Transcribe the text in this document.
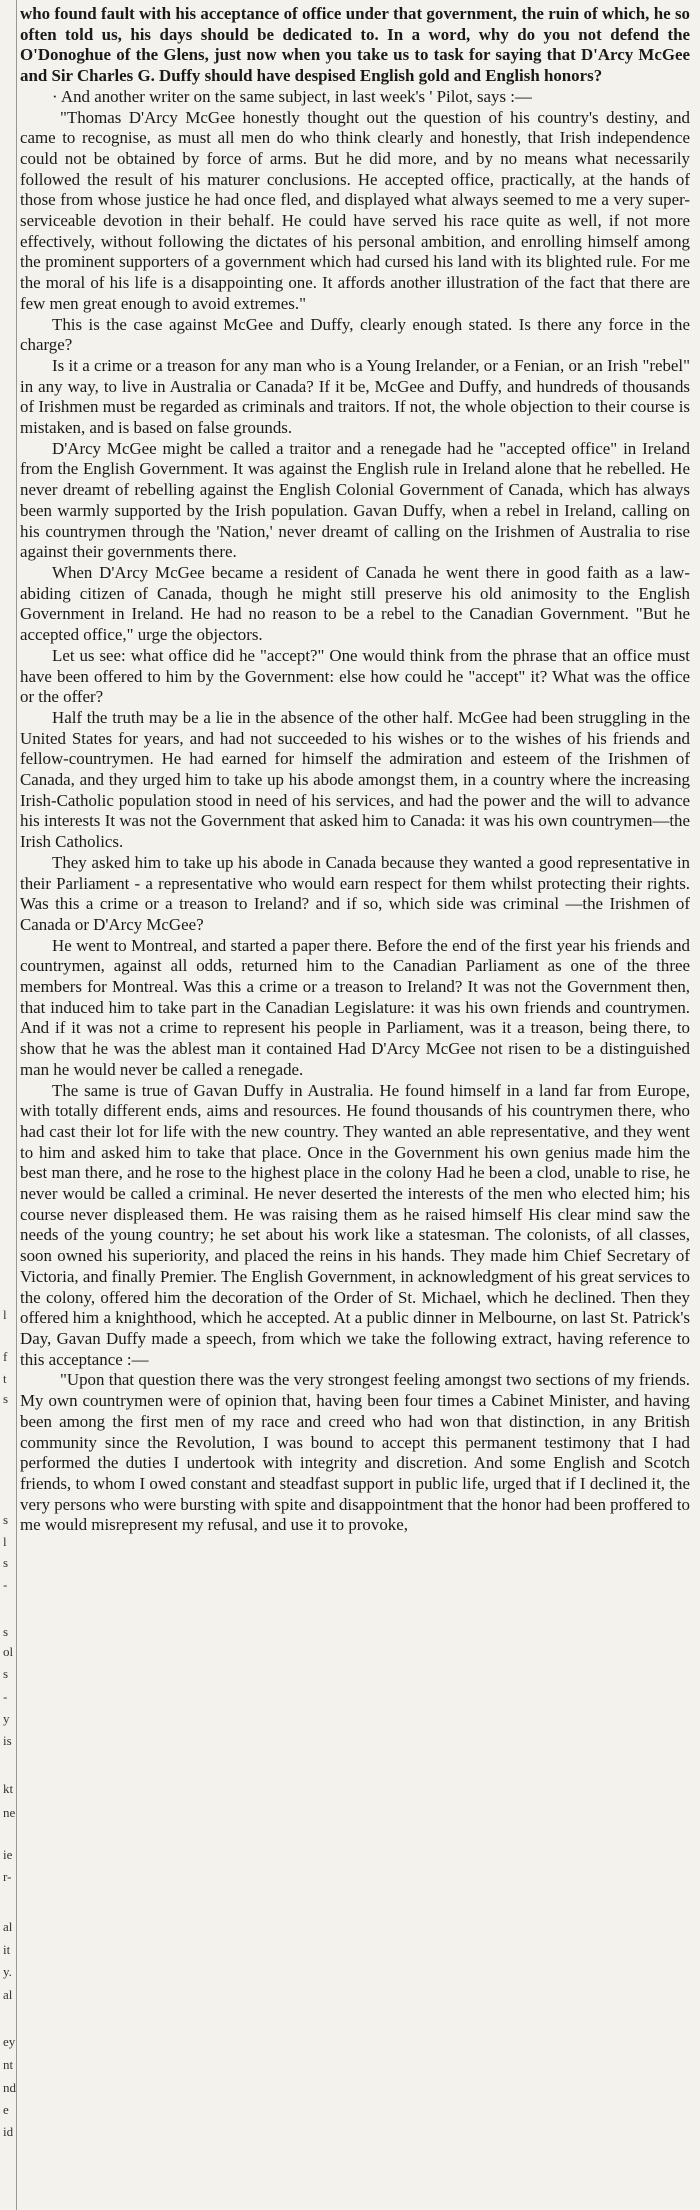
l
f
t
s
s
l
s
-
s
ol
s
-
y
is
kt
ne
ie
r-
al
it
y.
al
ey
nt
nd
e
id

who found fault with his acceptance of office under that government, the ruin of which, he so often told us, his days should be dedicated to. In a word, why do you not defend the O'Donoghue of the Glens, just now when you take us to task for saying that D'Arcy McGee and Sir Charles G. Duffy should have despised English gold and English honors?

· And another writer on the same subject, in last week's ' Pilot, says :—

"Thomas D'Arcy McGee honestly thought out the question of his country's destiny, and came to recognise, as must all men do who think clearly and honestly, that Irish independence could not be obtained by force of arms. But he did more, and by no means what necessarily followed the result of his maturer conclusions. He accepted office, practically, at the hands of those from whose justice he had once fled, and displayed what always seemed to me a very super-serviceable devotion in their behalf. He could have served his race quite as well, if not more effectively, without following the dictates of his personal ambition, and enrolling himself among the prominent supporters of a government which had cursed his land with its blighted rule. For me the moral of his life is a disappointing one. It affords another illustration of the fact that there are few men great enough to avoid extremes."

This is the case against McGee and Duffy, clearly enough stated. Is there any force in the charge?

Is it a crime or a treason for any man who is a Young Irelander, or a Fenian, or an Irish "rebel" in any way, to live in Australia or Canada? If it be, McGee and Duffy, and hundreds of thousands of Irishmen must be regarded as criminals and traitors. If not, the whole objection to their course is mistaken, and is based on false grounds.

D'Arcy McGee might be called a traitor and a renegade had he "accepted office" in Ireland from the English Government. It was against the English rule in Ireland alone that he rebelled. He never dreamt of rebelling against the English Colonial Government of Canada, which has always been warmly supported by the Irish population. Gavan Duffy, when a rebel in Ireland, calling on his countrymen through the 'Nation,' never dreamt of calling on the Irishmen of Australia to rise against their governments there.

When D'Arcy McGee became a resident of Canada he went there in good faith as a law-abiding citizen of Canada, though he might still preserve his old animosity to the English Government in Ireland. He had no reason to be a rebel to the Canadian Government. "But he accepted office," urge the objectors.

Let us see: what office did he "accept?" One would think from the phrase that an office must have been offered to him by the Government: else how could he "accept" it? What was the office or the offer?

Half the truth may be a lie in the absence of the other half. McGee had been struggling in the United States for years, and had not succeeded to his wishes or to the wishes of his friends and fellow-countrymen. He had earned for himself the admiration and esteem of the Irishmen of Canada, and they urged him to take up his abode amongst them, in a country where the increasing Irish-Catholic population stood in need of his services, and had the power and the will to advance his interests It was not the Government that asked him to Canada: it was his own countrymen—the Irish Catholics.

They asked him to take up his abode in Canada because they wanted a good representative in their Parliament - a representative who would earn respect for them whilst protecting their rights. Was this a crime or a treason to Ireland? and if so, which side was criminal —the Irishmen of Canada or D'Arcy McGee?

He went to Montreal, and started a paper there. Before the end of the first year his friends and countrymen, against all odds, returned him to the Canadian Parliament as one of the three members for Montreal. Was this a crime or a treason to Ireland? It was not the Government then, that induced him to take part in the Canadian Legislature: it was his own friends and countrymen. And if it was not a crime to represent his people in Parliament, was it a treason, being there, to show that he was the ablest man it contained Had D'Arcy McGee not risen to be a distinguished man he would never be called a renegade.

The same is true of Gavan Duffy in Australia. He found himself in a land far from Europe, with totally different ends, aims and resources. He found thousands of his countrymen there, who had cast their lot for life with the new country. They wanted an able representative, and they went to him and asked him to take that place. Once in the Government his own genius made him the best man there, and he rose to the highest place in the colony Had he been a clod, unable to rise, he never would be called a criminal. He never deserted the interests of the men who elected him; his course never displeased them. He was raising them as he raised himself His clear mind saw the needs of the young country; he set about his work like a statesman. The colonists, of all classes, soon owned his superiority, and placed the reins in his hands. They made him Chief Secretary of Victoria, and finally Premier. The English Government, in acknowledgment of his great services to the colony, offered him the decoration of the Order of St. Michael, which he declined. Then they offered him a knighthood, which he accepted. At a public dinner in Melbourne, on last St. Patrick's Day, Gavan Duffy made a speech, from which we take the following extract, having reference to this acceptance :—

"Upon that question there was the very strongest feeling amongst two sections of my friends. My own countrymen were of opinion that, having been four times a Cabinet Minister, and having been among the first men of my race and creed who had won that distinction, in any British community since the Revolution, I was bound to accept this permanent testimony that I had performed the duties I undertook with integrity and discretion. And some English and Scotch friends, to whom I owed constant and steadfast support in public life, urged that if I declined it, the very persons who were bursting with spite and disappointment that the honor had been proffered to me would misrepresent my refusal, and use it to provoke,
